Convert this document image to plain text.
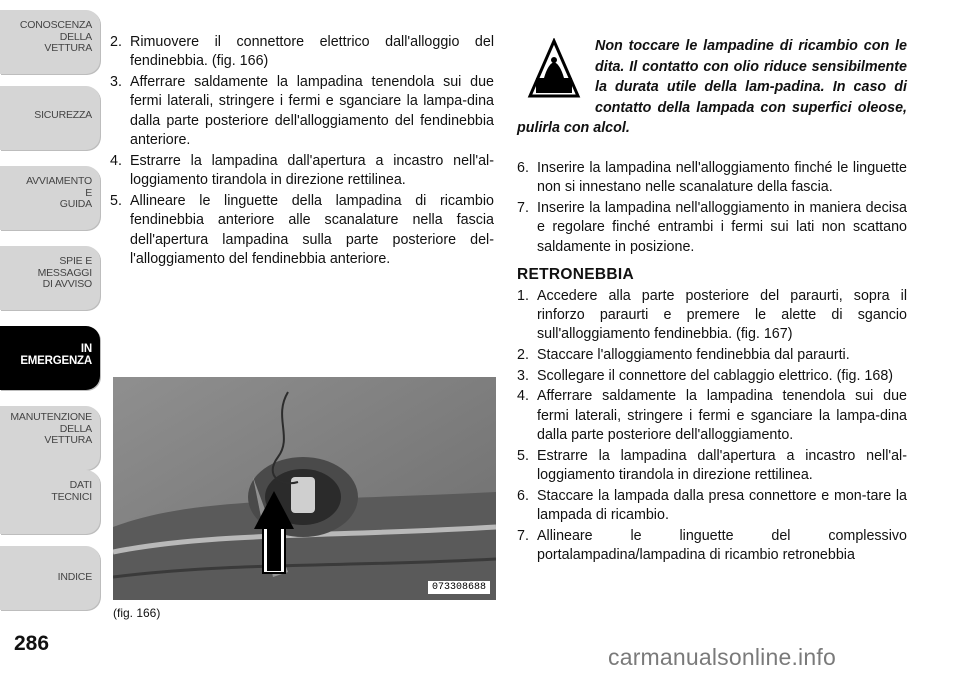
CONOSCENZA
DELLA
VETTURA
SICUREZZA
AVVIAMENTO
E
GUIDA
SPIE E
MESSAGGI
DI AVVISO
IN
EMERGENZA
MANUTENZIONE
DELLA
VETTURA
DATI
TECNICI
INDICE
286
2. Rimuovere il connettore elettrico dall'alloggio del fendinebbia. (fig. 166)
3. Afferrare saldamente la lampadina tenendola sui due fermi laterali, stringere i fermi e sganciare la lampa-dina dalla parte posteriore dell'alloggiamento del fendinebbia anteriore.
4. Estrarre la lampadina dall'apertura a incastro nell'al-loggiamento tirandola in direzione rettilinea.
5. Allineare le linguette della lampadina di ricambio fendinebbia anteriore alle scanalature nella fascia dell'apertura lampadina sulla parte posteriore del-l'alloggiamento del fendinebbia anteriore.
Non toccare le lampadine di ricambio con le dita. Il contatto con olio riduce sensibilmente la durata utile della lam-padina. In caso di contatto della lampada con superfici oleose, pulirla con alcol.
6. Inserire la lampadina nell'alloggiamento finché le linguette non si innestano nelle scanalature della fascia.
7. Inserire la lampadina nell'alloggiamento in maniera decisa e regolare finché entrambi i fermi sui lati non scattano saldamente in posizione.
RETRONEBBIA
1. Accedere alla parte posteriore del paraurti, sopra il rinforzo paraurti e premere le alette di sgancio sull'alloggiamento fendinebbia. (fig. 167)
2. Staccare l'alloggiamento fendinebbia dal paraurti.
3. Scollegare il connettore del cablaggio elettrico. (fig. 168)
4. Afferrare saldamente la lampadina tenendola sui due fermi laterali, stringere i fermi e sganciare la lampa-dina dalla parte posteriore dell'alloggiamento.
5. Estrarre la lampadina dall'apertura a incastro nell'al-loggiamento tirandola in direzione rettilinea.
6. Staccare la lampada dalla presa connettore e mon-tare la lampada di ricambio.
7. Allineare le linguette del complessivo portalampadina/lampadina di ricambio retronebbia
073308688
(fig. 166)
carmanualsonline.info
